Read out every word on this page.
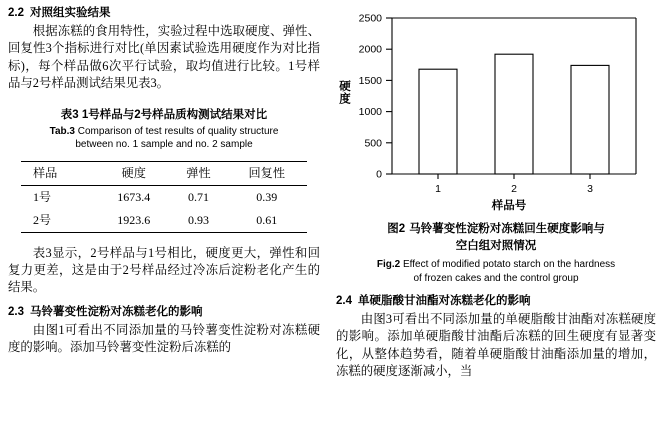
2.2 对照组实验结果

根据冻糕的食用特性，实验过程中选取硬度、弹性、回复性3个指标进行对比(单因素试验选用硬度作为对比指标)，每个样品做6次平行试验，取均值进行比较。1号样品与2号样品测试结果见表3。

表3 1号样品与2号样品质构测试结果对比
Tab.3 Comparison of test results of quality structure
between no. 1 sample and no. 2 sample
样品	硬度	弹性	回复性
1号	1673.4	0.71	0.39
2号	1923.6	0.93	0.61

表3显示，2号样品与1号相比，硬度更大，弹性和回复力更差，这是由于2号样品经过冷冻后淀粉老化产生的结果。

2.3 马铃薯变性淀粉对冻糕老化的影响

由图1可看出不同添加量的马铃薯变性淀粉对冻糕硬度的影响。添加马铃薯变性淀粉后冻糕的

硬度
0
500
1000
1500
2000
2500
1	2	3
样品号
图2 马铃薯变性淀粉对冻糕回生硬度影响与
空白组对照情况
Fig.2 Effect of modified potato starch on the hardness
of frozen cakes and the control group
2.4 单硬脂酸甘油酯对冻糕老化的影响

由图3可看出不同添加量的单硬脂酸甘油酯对冻糕硬度的影响。添加单硬脂酸甘油酯后冻糕的回生硬度有显著变化，从整体趋势看，随着单硬脂酸甘油酯添加量的增加，冻糕的硬度逐渐减小，当
